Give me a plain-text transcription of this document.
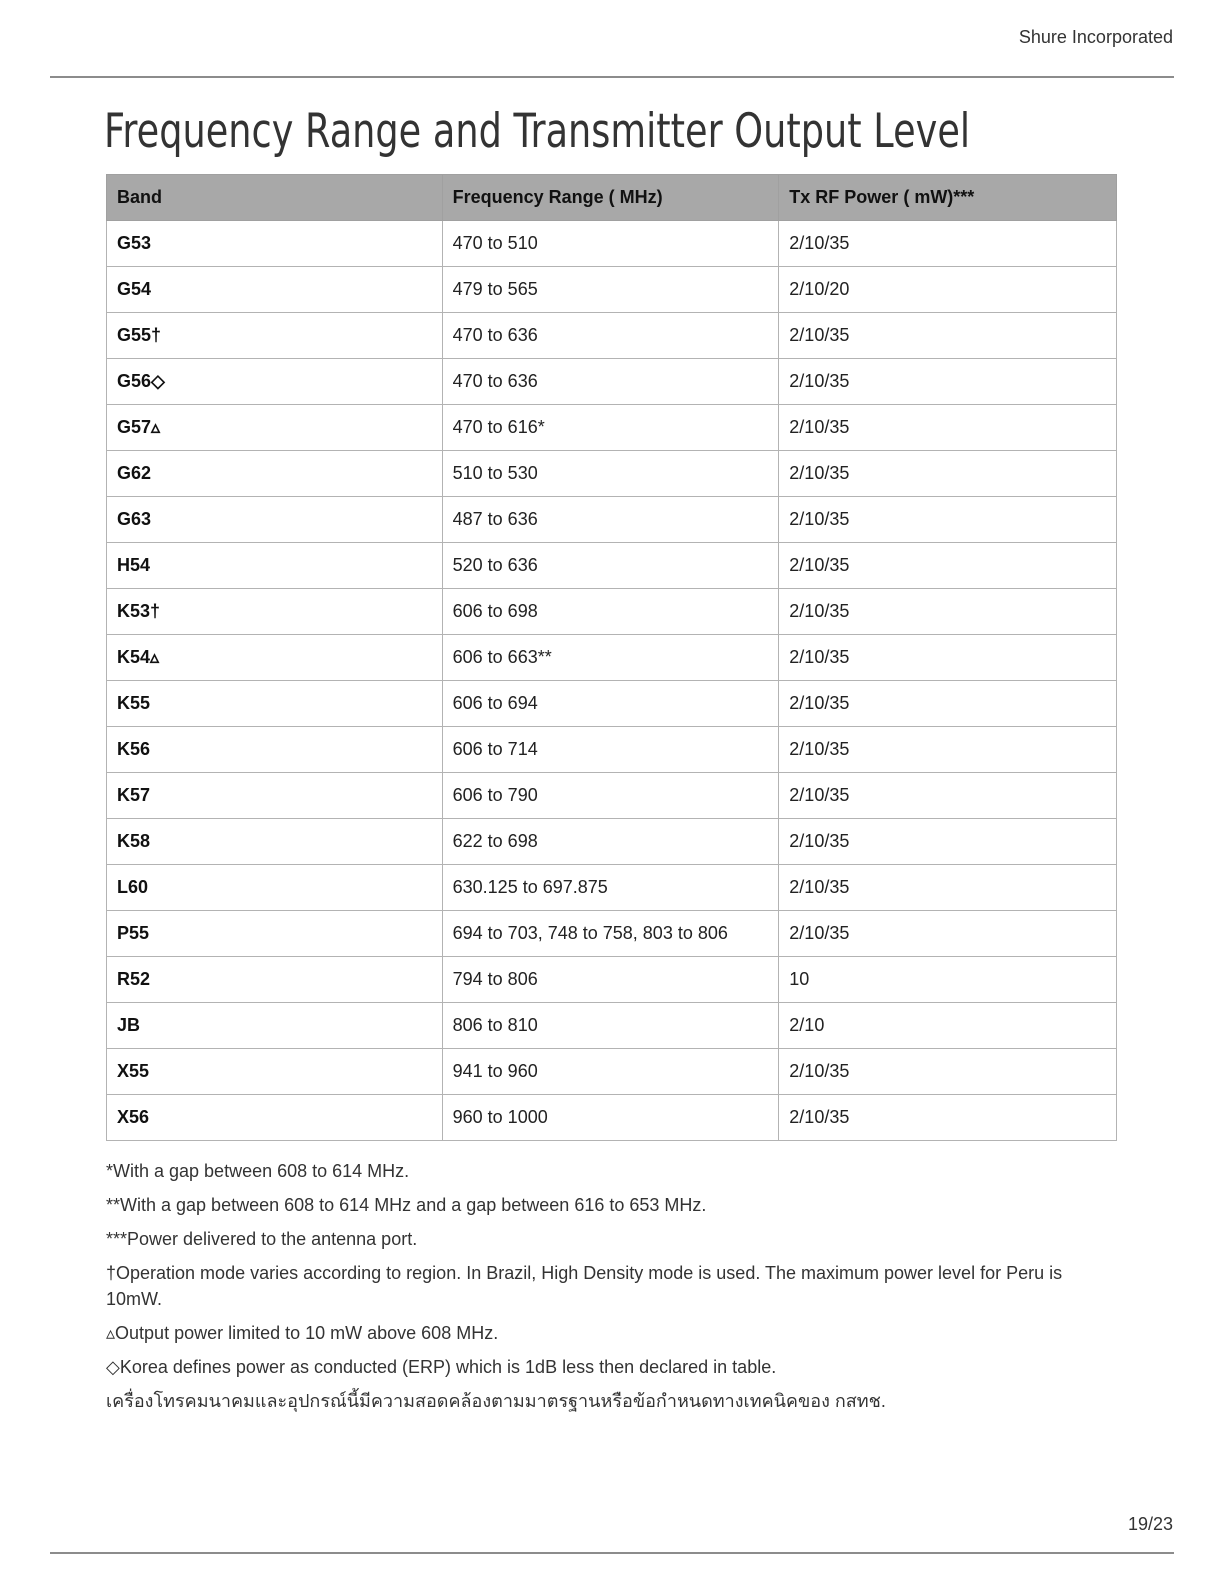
Shure Incorporated
Frequency Range and Transmitter Output Level
Band	Frequency Range ( MHz)	Tx RF Power ( mW)***
G53	470 to 510	2/10/35
G54	479 to 565	2/10/20
G55†	470 to 636	2/10/35
G56◇	470 to 636	2/10/35
G57▵	470 to 616*	2/10/35
G62	510 to 530	2/10/35
G63	487 to 636	2/10/35
H54	520 to 636	2/10/35
K53†	606 to 698	2/10/35
K54▵	606 to 663**	2/10/35
K55	606 to 694	2/10/35
K56	606 to 714	2/10/35
K57	606 to 790	2/10/35
K58	622 to 698	2/10/35
L60	630.125 to 697.875	2/10/35
P55	694 to 703, 748 to 758, 803 to 806	2/10/35
R52	794 to 806	10
JB	806 to 810	2/10
X55	941 to 960	2/10/35
X56	960 to 1000	2/10/35

*With a gap between 608 to 614 MHz.

**With a gap between 608 to 614 MHz and a gap between 616 to 653 MHz.

***Power delivered to the antenna port.

†Operation mode varies according to region. In Brazil, High Density mode is used. The maximum power level for Peru is 10mW.

▵Output power limited to 10 mW above 608 MHz.

◇Korea defines power as conducted (ERP) which is 1dB less then declared in table.

เครื่องโทรคมนาคมและอุปกรณ์นี้มีความสอดคล้องตามมาตรฐานหรือข้อกำหนดทางเทคนิคของ กสทช.

19/23
